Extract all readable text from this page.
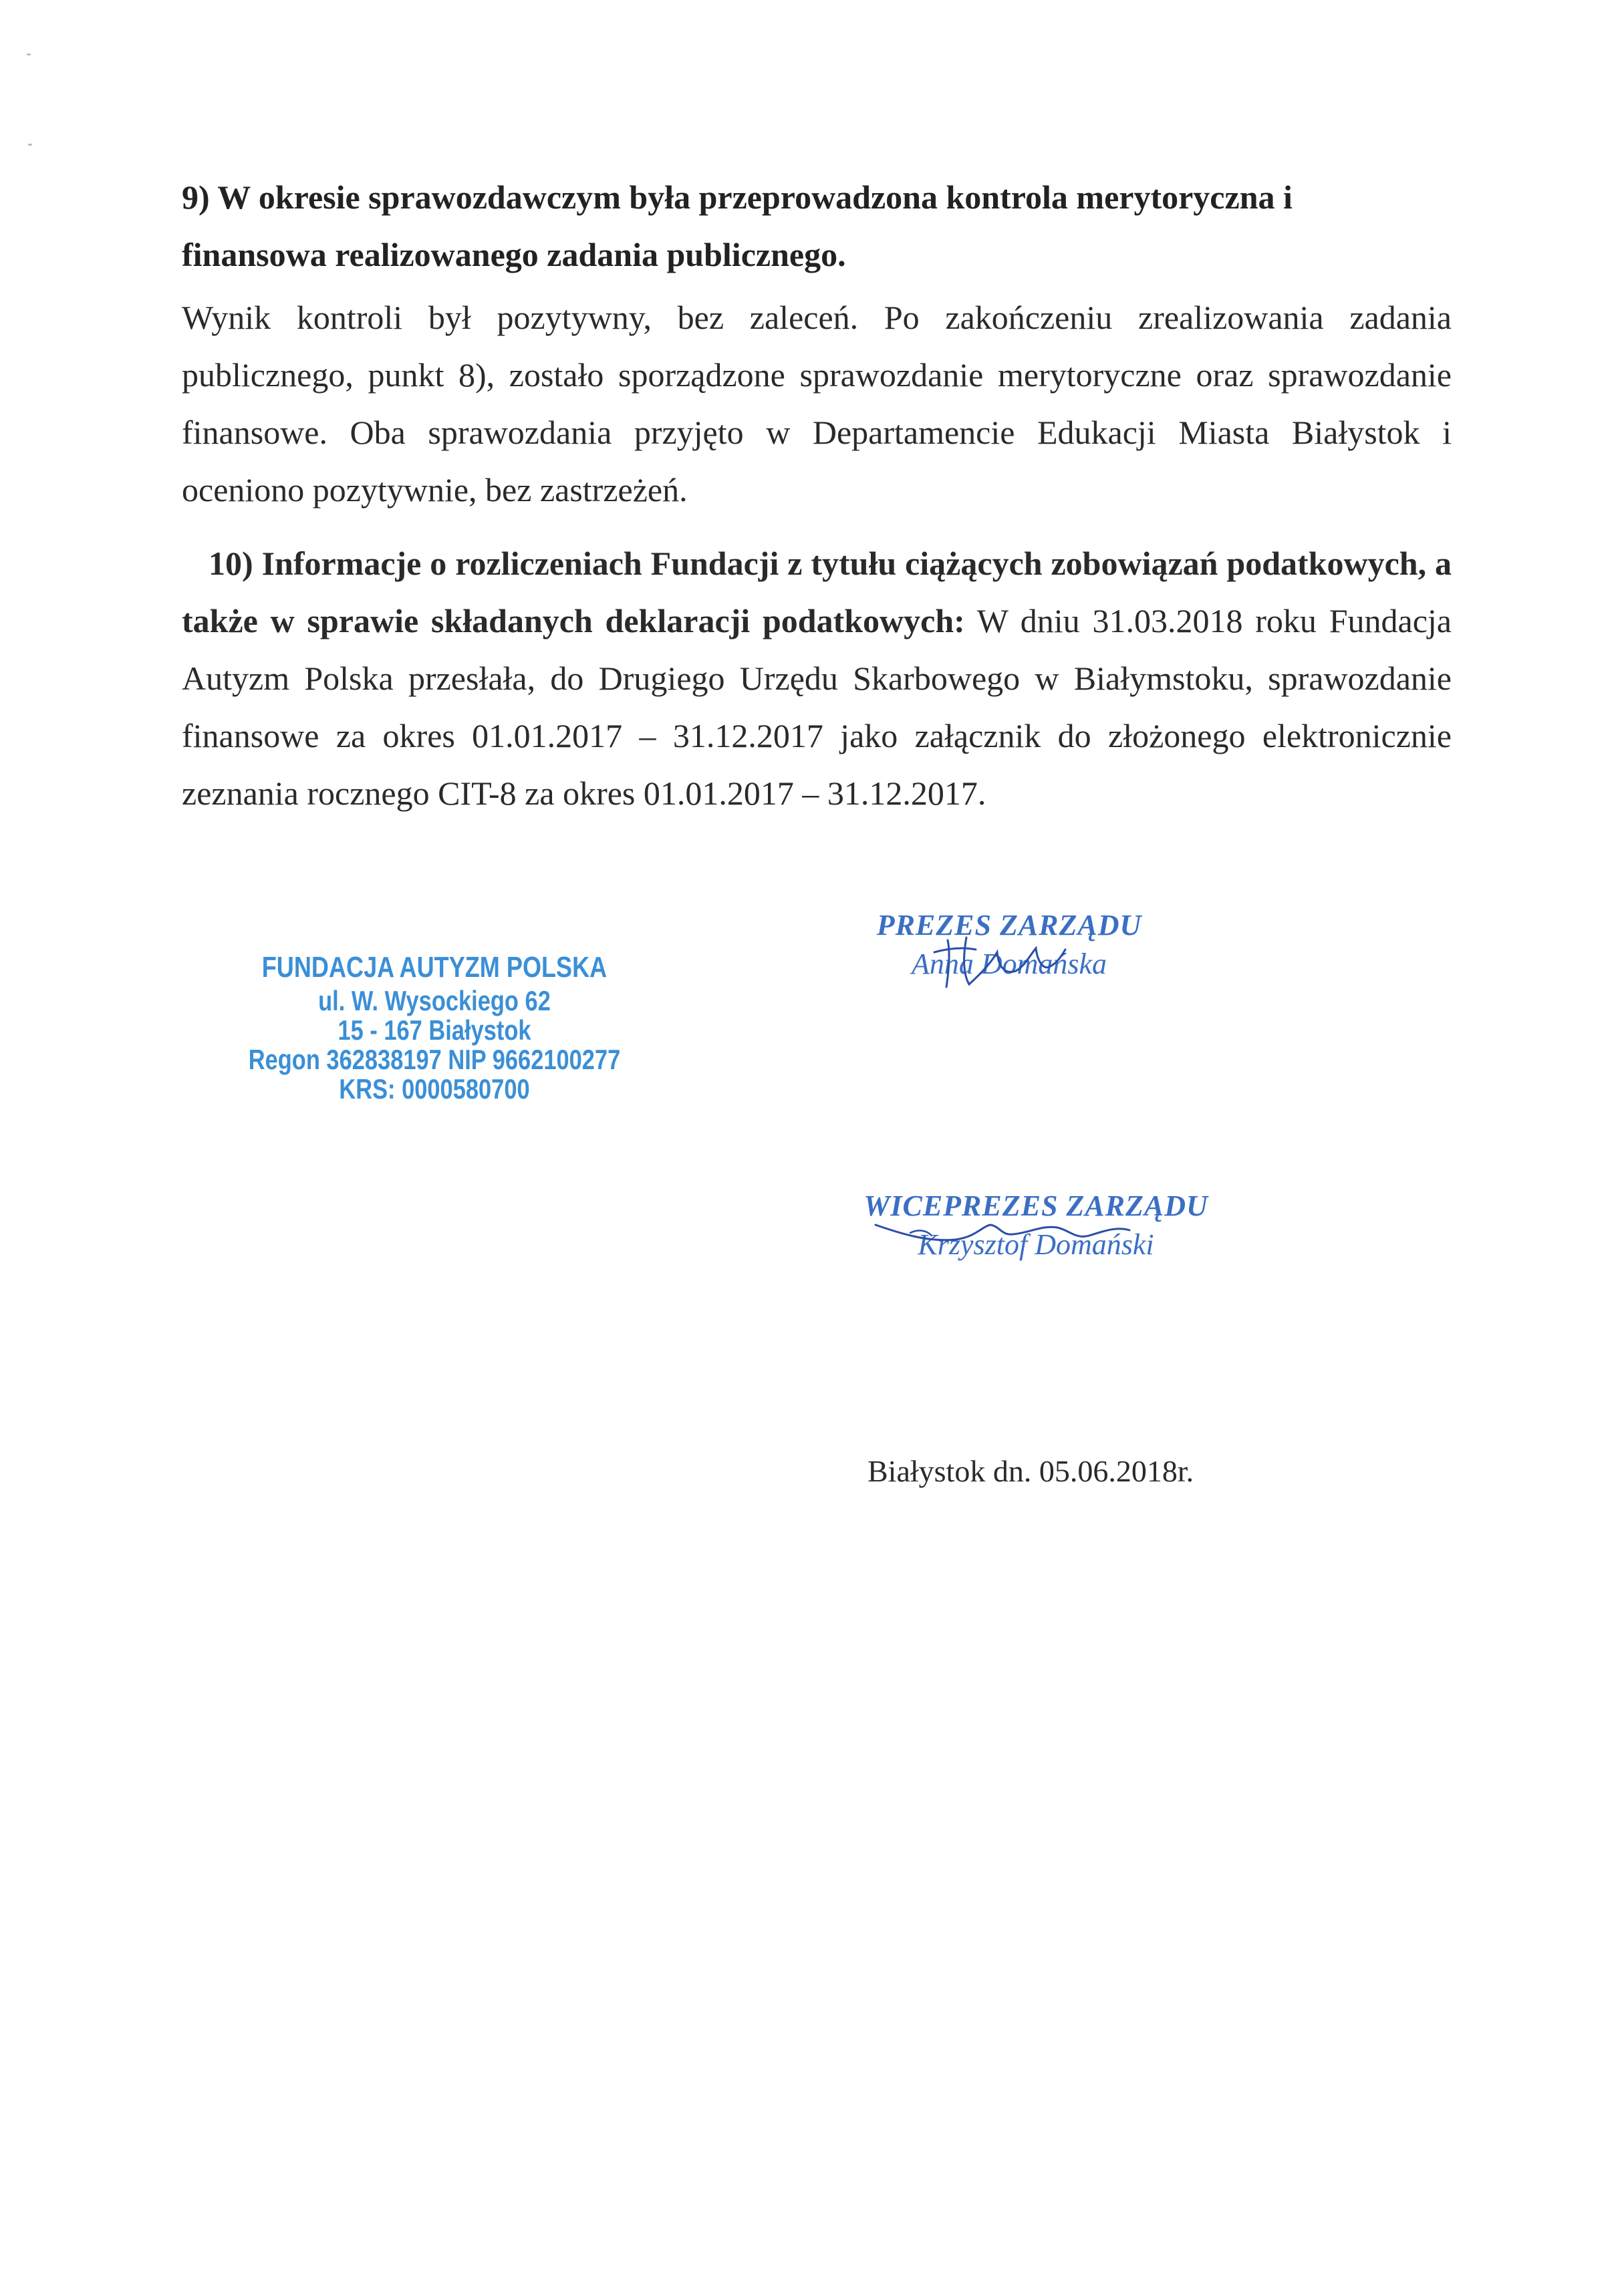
9) W okresie sprawozdawczym była przeprowadzona kontrola merytoryczna i
finansowa realizowanego zadania publicznego.
Wynik kontroli był pozytywny, bez zaleceń. Po zakończeniu zrealizowania zadania publicznego, punkt 8), zostało sporządzone sprawozdanie merytoryczne oraz sprawozdanie finansowe. Oba sprawozdania przyjęto w Departamencie Edukacji Miasta Białystok i oceniono pozytywnie, bez zastrzeżeń.
10) Informacje o rozliczeniach Fundacji z tytułu ciążących zobowiązań podatkowych, a także w sprawie składanych deklaracji podatkowych: W dniu 31.03.2018 roku Fundacja Autyzm Polska przesłała, do Drugiego Urzędu Skarbowego w Białymstoku, sprawozdanie finansowe za okres 01.01.2017 – 31.12.2017 jako załącznik do złożonego elektronicznie zeznania rocznego CIT-8 za okres 01.01.2017 – 31.12.2017.
FUNDACJA AUTYZM POLSKA
ul. W. Wysockiego 62
15 - 167 Białystok
Regon 362838197 NIP 9662100277
KRS: 0000580700
PREZES ZARZĄDU
Anna Domańska
WICEPREZES ZARZĄDU
Krzysztof Domański
Białystok dn. 05.06.2018r.
